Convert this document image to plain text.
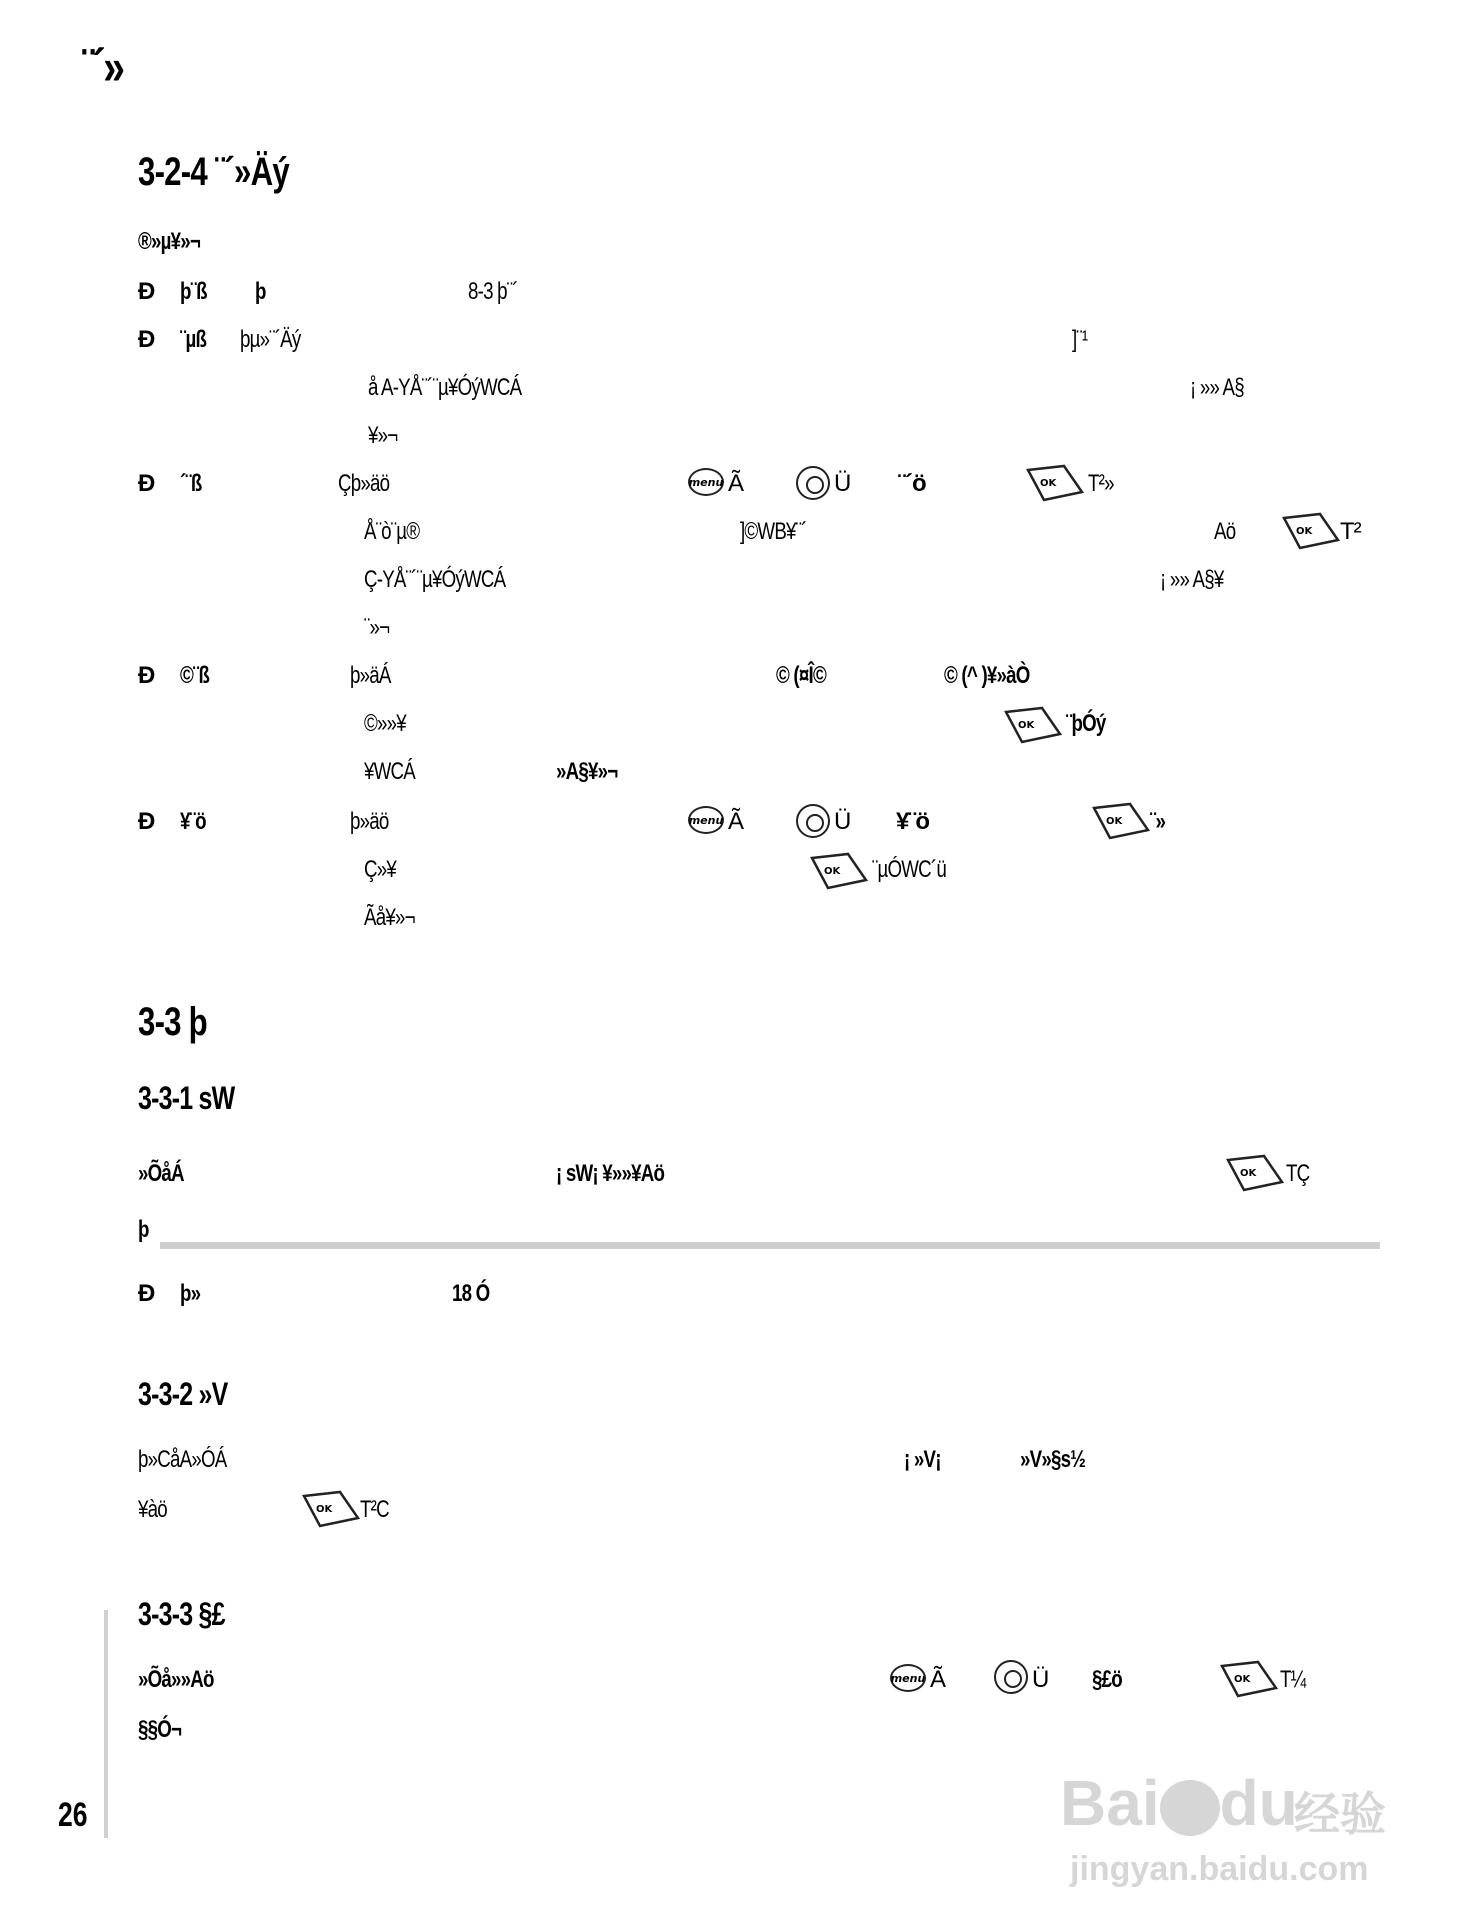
¨´»
3-2-4 ¨´»Äý
®»µ¥»¬
Ð þ¨ß	þ	8-3 þ¨´
Ð ¨µß	þµ»¨´Äý	]¨¹
å A-YÅ¨´¨µ¥ÓýWCÁ	¡ »» A§
¥»¬
Ð ´¨ß	Çþ»äö	menu Ã	Ü ¨´ö	OK T²»
Å¨ò¨µ®	]©WB¥¨´	Aö	OK T²
Ç-YÅ¨´¨µ¥ÓýWCÁ	¡ »» A§¥
¨»¬
Ð ©¨ß	þ»äÁ	© (¤Î©	© (^ )¥»àÒ
©»»¥	OK ¨þÓý
¥WCÁ	»A§¥»¬
Ð ¥¨ö	þ»äö	menu Ã	Ü ¥¨ö	OK ¨»
Ç»¥	OK ¨µÓWC´ü
Ãå¥»¬
3-3 þ
3-3-1 sW
»ÕåÁ	¡ sW¡ ¥»»¥Aö	OK TÇ
þ
Ð þ»	18 Ó
3-3-2 »V
þ»CåA»ÓÁ	¡ »V¡	»V»§s½
¥àö	OK T²C
3-3-3 §£
»Õå»»Aö	menu Ã	Ü §£ö	OK T¼
§§Ó¬
26	Bai du
经验
jingyan.baidu.com
